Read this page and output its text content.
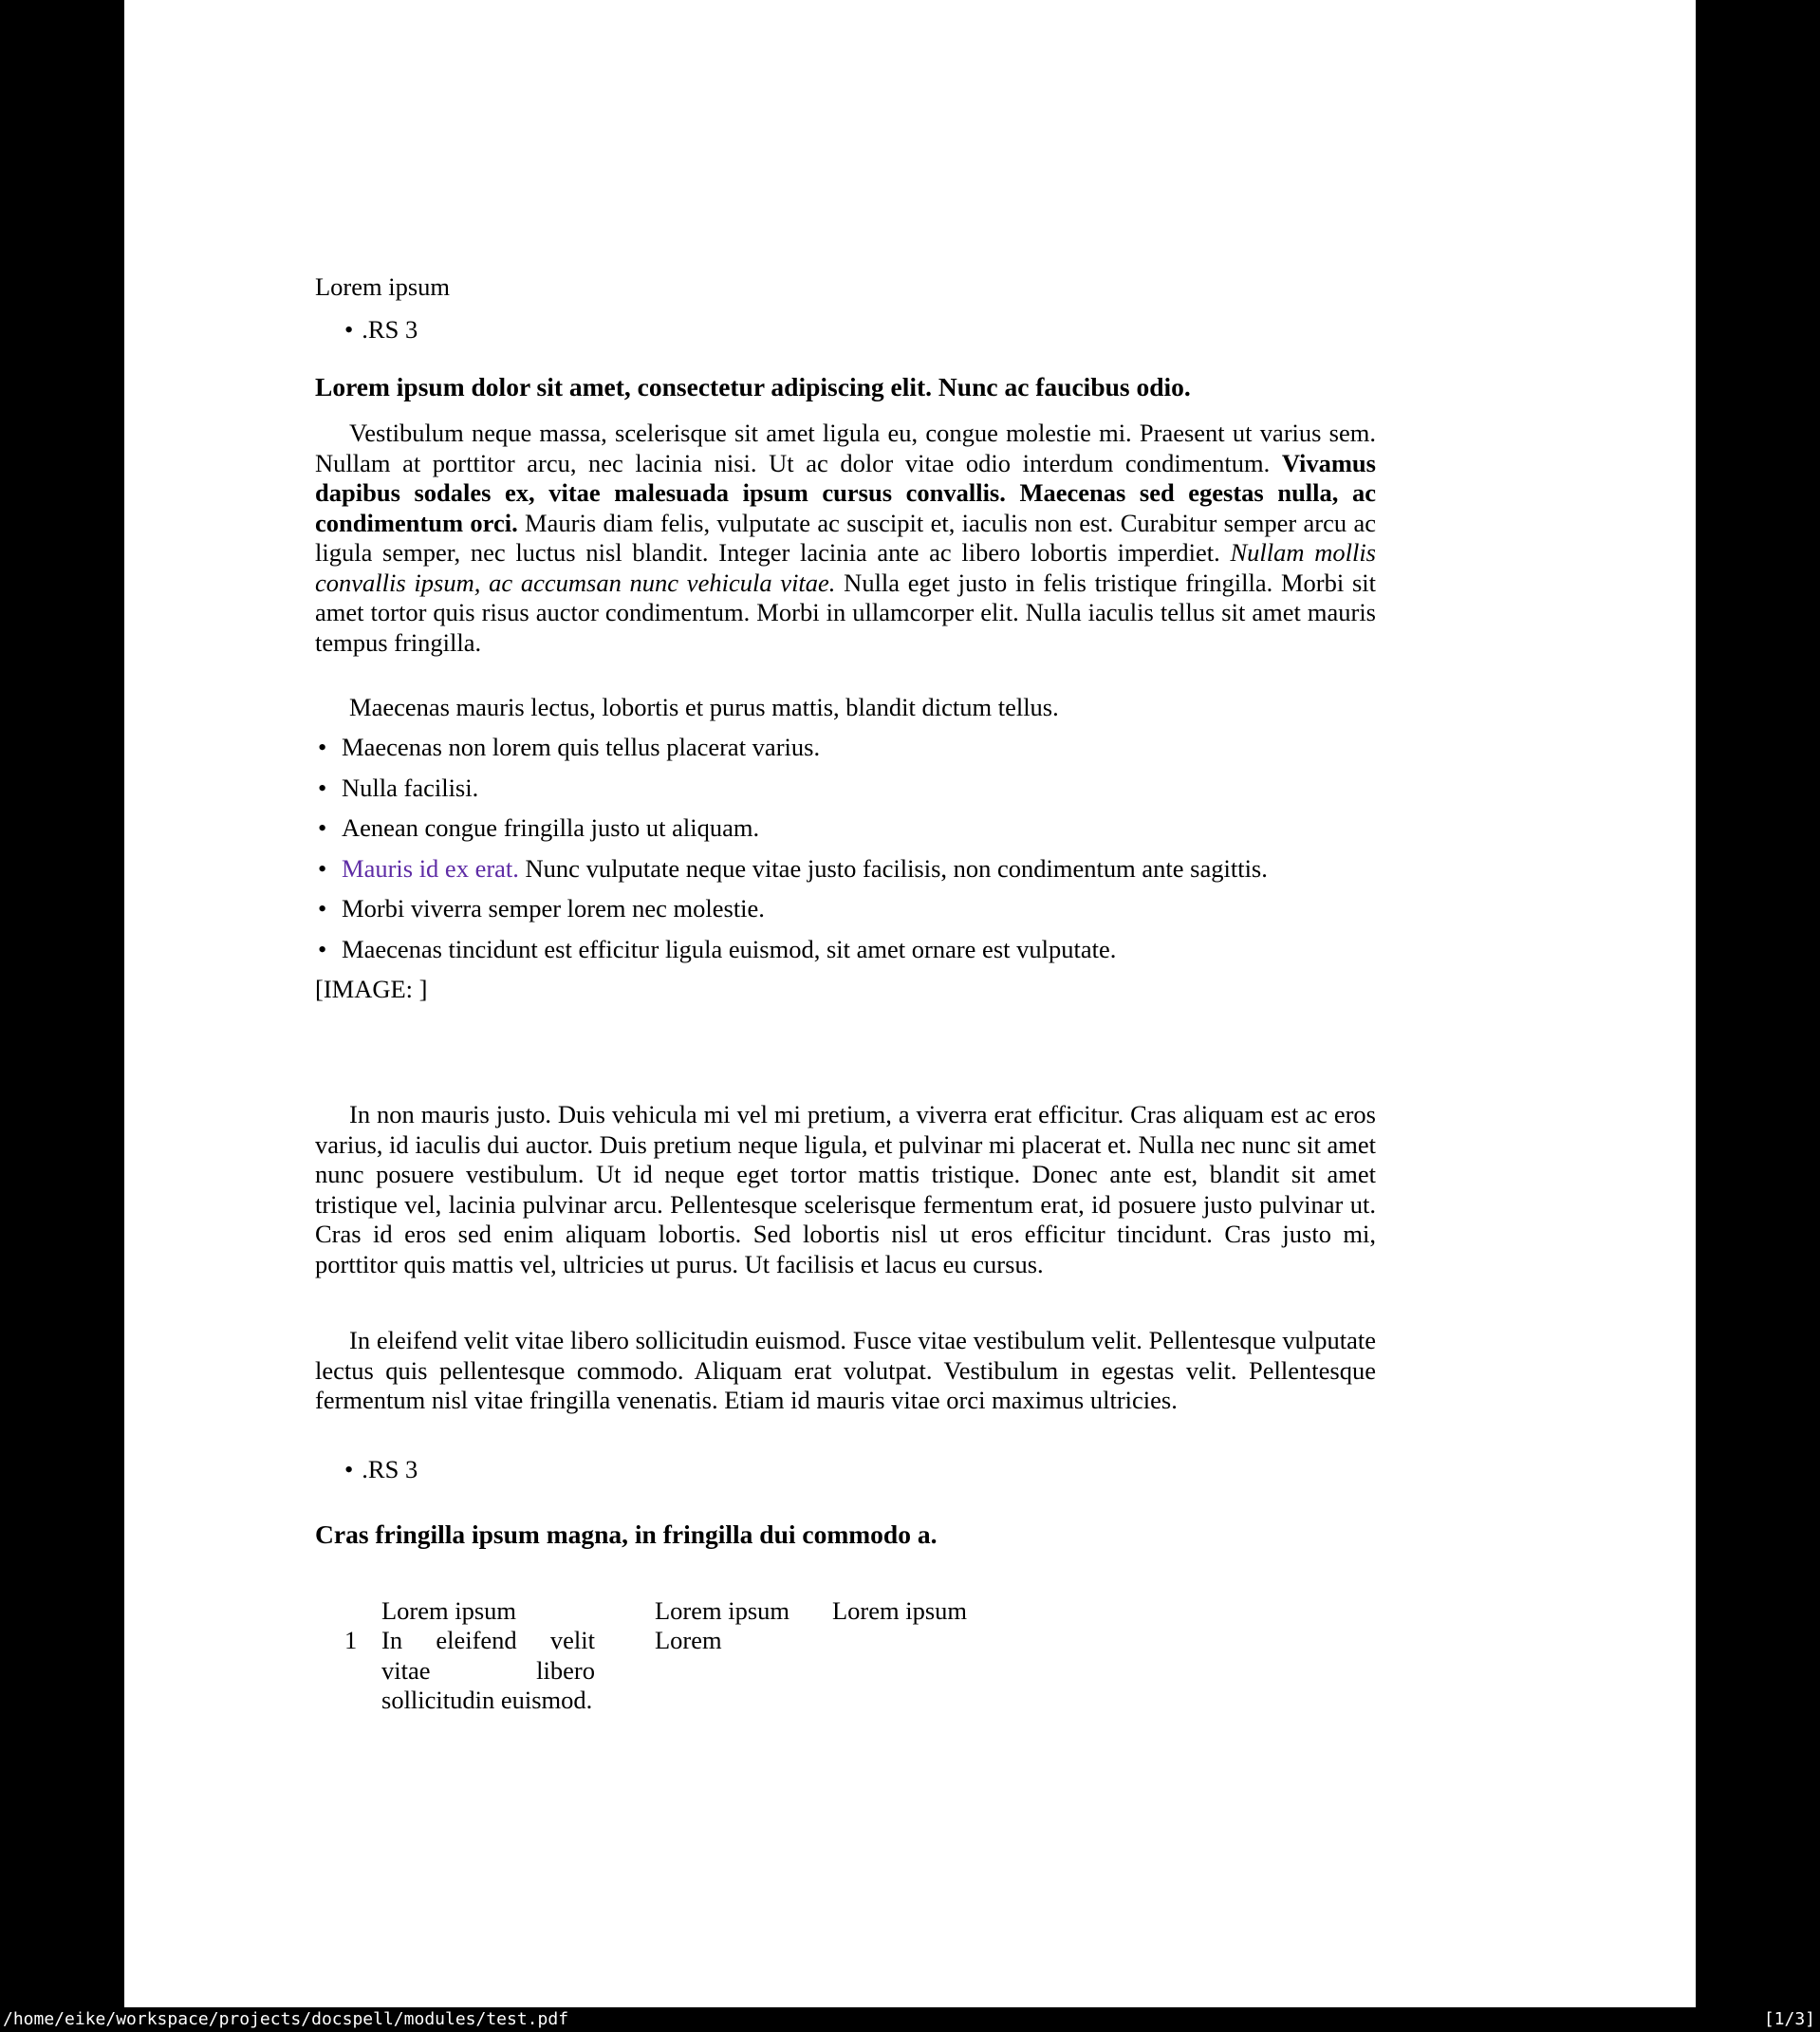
Lorem ipsum
• .RS 3
Lorem ipsum dolor sit amet, consectetur adipiscing elit. Nunc ac faucibus odio.
Vestibulum neque massa, scelerisque sit amet ligula eu, congue molestie mi. Praesent ut varius sem. Nullam at porttitor arcu, nec lacinia nisi. Ut ac dolor vitae odio interdum condimentum. Vivamus dapibus sodales ex, vitae malesuada ipsum cursus convallis. Maecenas sed egestas nulla, ac condimentum orci. Mauris diam felis, vulputate ac suscipit et, iaculis non est. Curabitur semper arcu ac ligula semper, nec luctus nisl blandit. Integer lacinia ante ac libero lobortis imperdiet. Nullam mollis convallis ipsum, ac accumsan nunc vehicula vitae. Nulla eget justo in felis tristique fringilla. Morbi sit amet tortor quis risus auctor condimentum. Morbi in ullamcorper elit. Nulla iaculis tellus sit amet mauris tempus fringilla.
Maecenas mauris lectus, lobortis et purus mattis, blandit dictum tellus.
• Maecenas non lorem quis tellus placerat varius.
• Nulla facilisi.
• Aenean congue fringilla justo ut aliquam.
• Mauris id ex erat. Nunc vulputate neque vitae justo facilisis, non condimentum ante sagittis.
• Morbi viverra semper lorem nec molestie.
• Maecenas tincidunt est efficitur ligula euismod, sit amet ornare est vulputate.
[IMAGE: ]
In non mauris justo. Duis vehicula mi vel mi pretium, a viverra erat efficitur. Cras aliquam est ac eros varius, id iaculis dui auctor. Duis pretium neque ligula, et pulvinar mi placerat et. Nulla nec nunc sit amet nunc posuere vestibulum. Ut id neque eget tortor mattis tristique. Donec ante est, blandit sit amet tristique vel, lacinia pulvinar arcu. Pellentesque scelerisque fermentum erat, id posuere justo pulvinar ut. Cras id eros sed enim aliquam lobortis. Sed lobortis nisl ut eros efficitur tincidunt. Cras justo mi, porttitor quis mattis vel, ultricies ut purus. Ut facilisis et lacus eu cursus.
In eleifend velit vitae libero sollicitudin euismod. Fusce vitae vestibulum velit. Pellentesque vulputate lectus quis pellentesque commodo. Aliquam erat volutpat. Vestibulum in egestas velit. Pellentesque fermentum nisl vitae fringilla venenatis. Etiam id mauris vitae orci maximus ultricies.
• .RS 3
Cras fringilla ipsum magna, in fringilla dui commodo a.
Lorem ipsum	Lorem ipsum Lorem ipsum
1 In eleifend velit vitae libero sollicitudin euismod.
Lorem
/home/eike/workspace/projects/docspell/modules/test.pdf	[1/3]
